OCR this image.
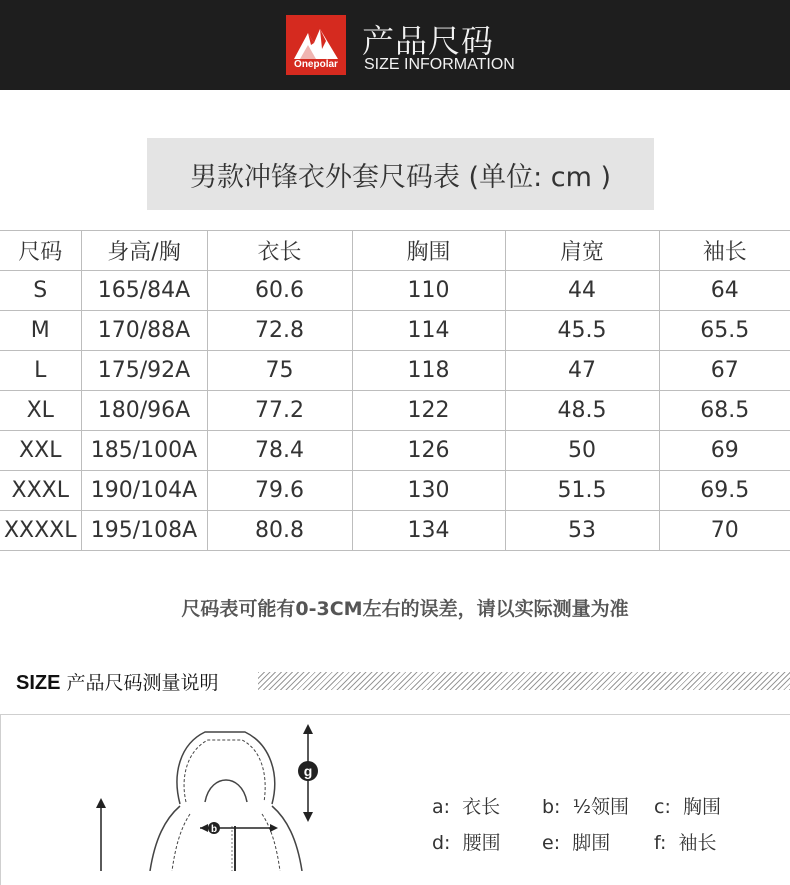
Onepolar
产品尺码
SIZE INFORMATION
男款冲锋衣外套尺码表 (单位: cm )
尺码	身高/胸	衣长	胸围	肩宽	袖长
S	165/84A	60.6	110	44	64
M	170/88A	72.8	114	45.5	65.5
L	175/92A	75	118	47	67
XL	180/96A	77.2	122	48.5	68.5
XXL	185/100A	78.4	126	50	69
XXXL	190/104A	79.6	130	51.5	69.5
XXXXL	195/108A	80.8	134	53	70
尺码表可能有0-3CM左右的误差，请以实际测量为准
SIZE 产品尺码测量说明
b
g
a: 衣长 b: ½领围 c: 胸围
d: 腰围 e: 脚围 f: 袖长
